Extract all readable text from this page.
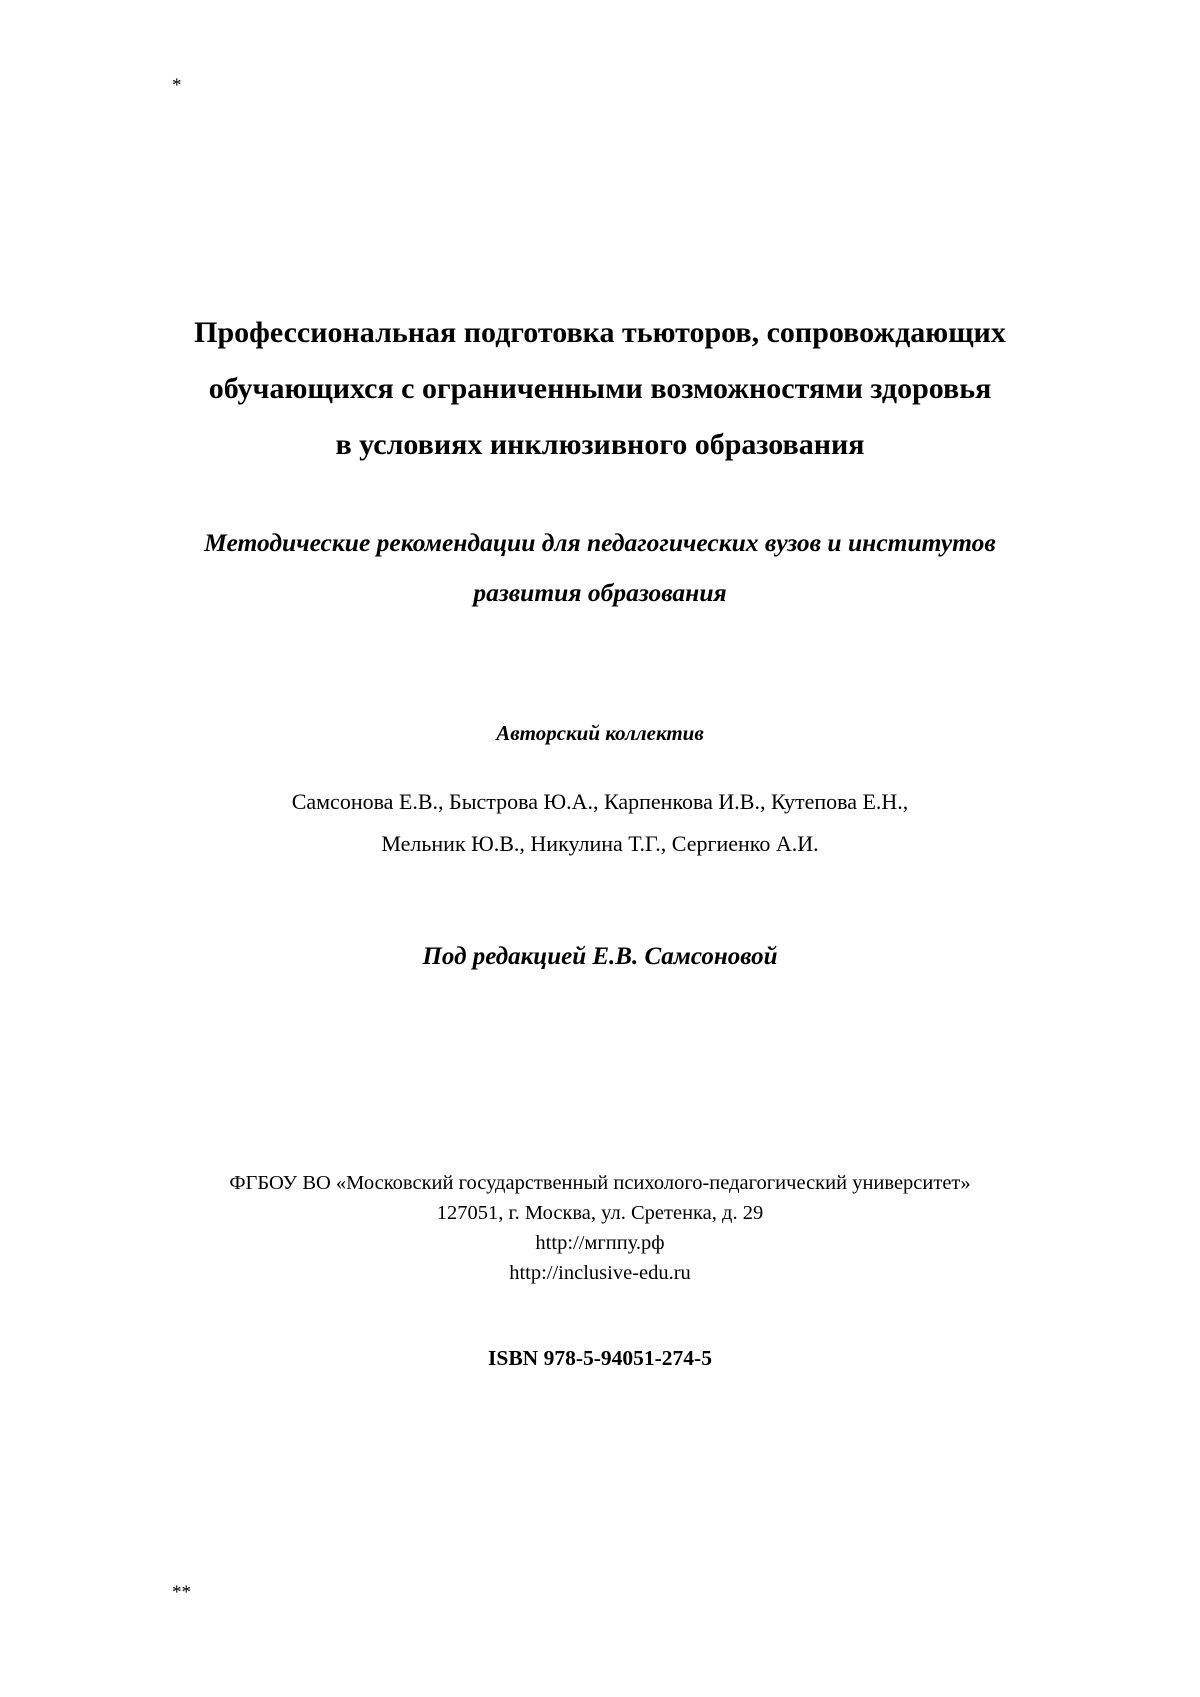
*
Профессиональная подготовка тьюторов, сопровождающих
обучающихся с ограниченными возможностями здоровья
в условиях инклюзивного образования
Методические рекомендации для педагогических вузов и институтов
развития образования
Авторский коллектив
Самсонова Е.В., Быстрова Ю.А., Карпенкова И.В., Кутепова Е.Н.,
Мельник Ю.В., Никулина Т.Г., Сергиенко А.И.
Под редакцией Е.В. Самсоновой
ФГБОУ ВО «Московский государственный психолого-педагогический университет»
127051, г. Москва, ул. Сретенка, д. 29
http://мгппу.рф
http://inclusive-edu.ru
ISBN 978-5-94051-274-5
**
